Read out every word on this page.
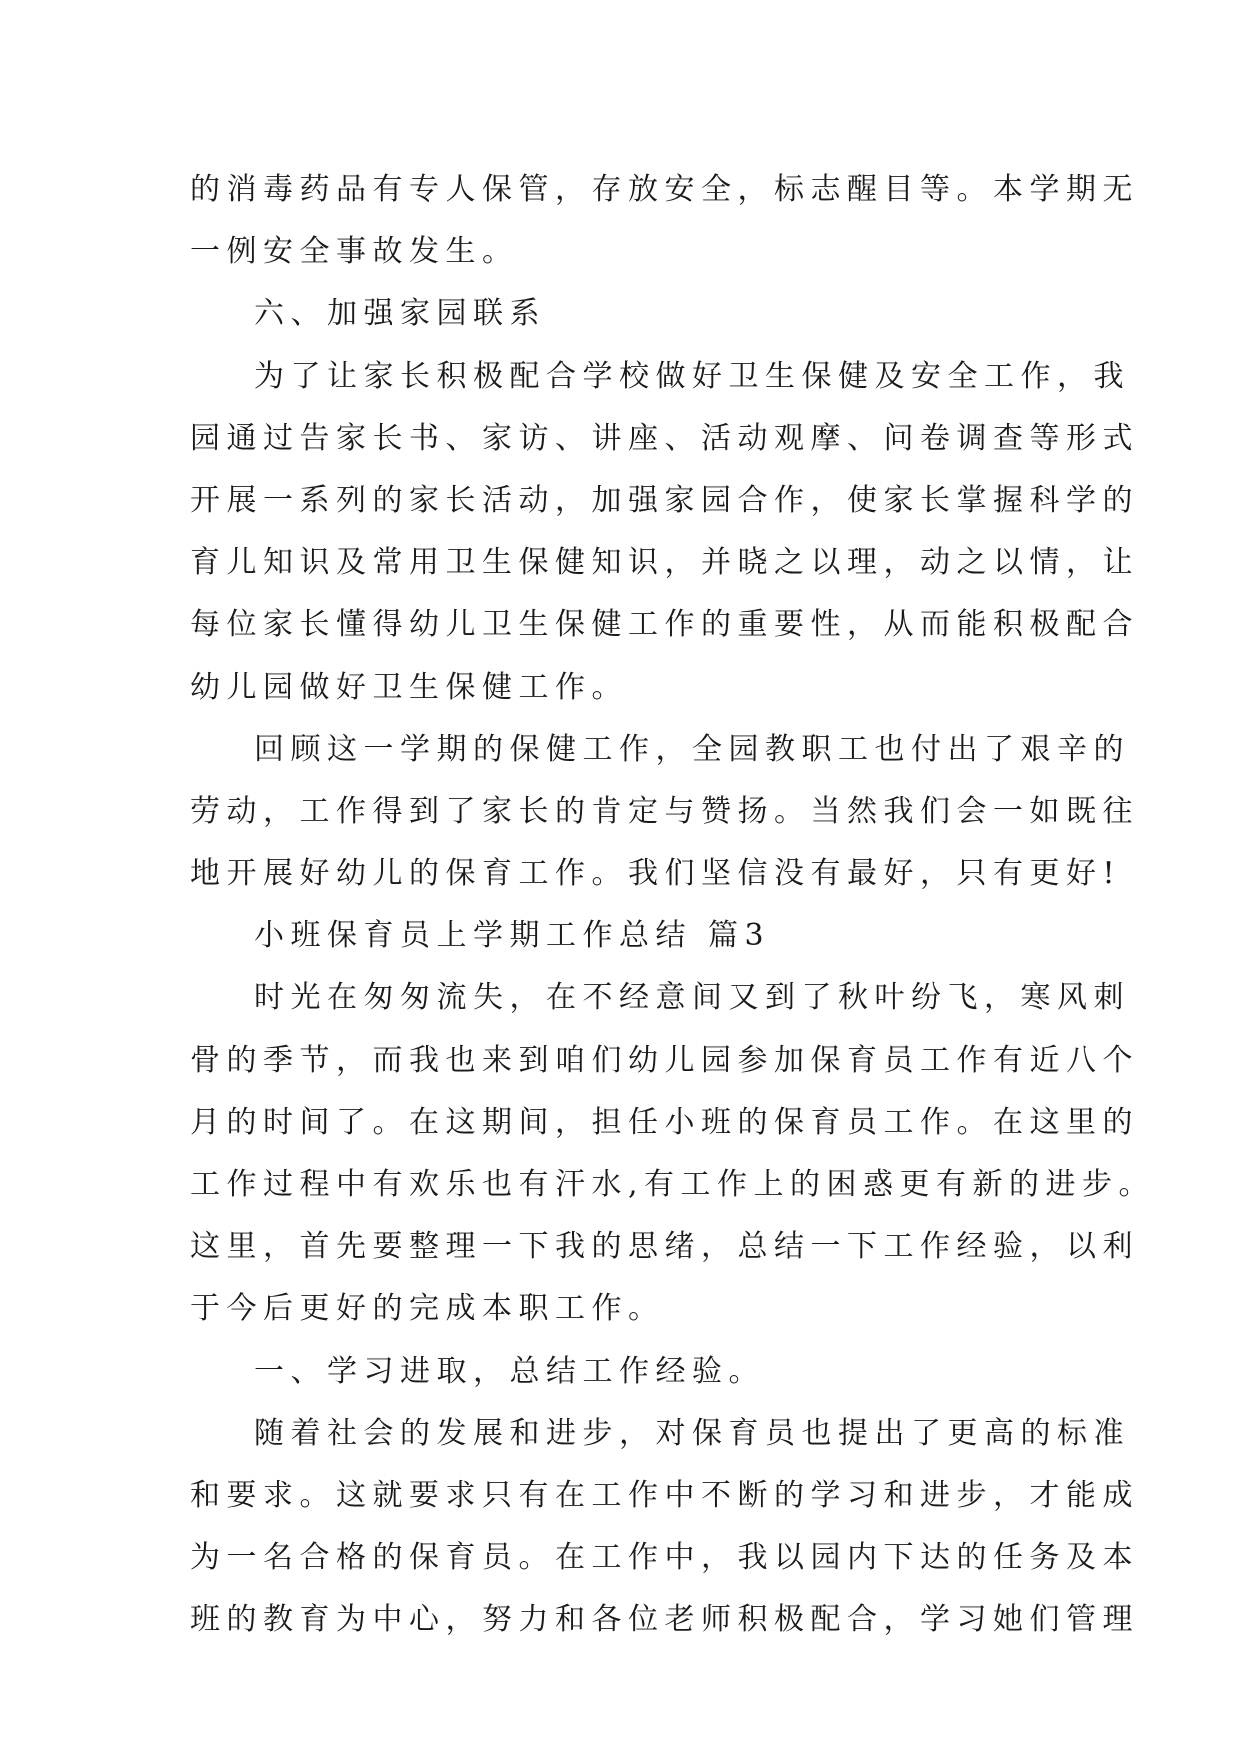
的消毒药品有专人保管，存放安全，标志醒目等。本学期无
一例安全事故发生。
六、加强家园联系
为了让家长积极配合学校做好卫生保健及安全工作，我
园通过告家长书、家访、讲座、活动观摩、问卷调查等形式
开展一系列的家长活动，加强家园合作，使家长掌握科学的
育儿知识及常用卫生保健知识，并晓之以理，动之以情，让
每位家长懂得幼儿卫生保健工作的重要性，从而能积极配合
幼儿园做好卫生保健工作。
回顾这一学期的保健工作，全园教职工也付出了艰辛的
劳动，工作得到了家长的肯定与赞扬。当然我们会一如既往
地开展好幼儿的保育工作。我们坚信没有最好，只有更好!
小班保育员上学期工作总结 篇3
时光在匆匆流失，在不经意间又到了秋叶纷飞，寒风刺
骨的季节，而我也来到咱们幼儿园参加保育员工作有近八个
月的时间了。在这期间，担任小班的保育员工作。在这里的
工作过程中有欢乐也有汗水,有工作上的困惑更有新的进步。
这里，首先要整理一下我的思绪，总结一下工作经验，以利
于今后更好的完成本职工作。
一、学习进取，总结工作经验。
随着社会的发展和进步，对保育员也提出了更高的标准
和要求。这就要求只有在工作中不断的学习和进步，才能成
为一名合格的保育员。在工作中，我以园内下达的任务及本
班的教育为中心，努力和各位老师积极配合，学习她们管理
